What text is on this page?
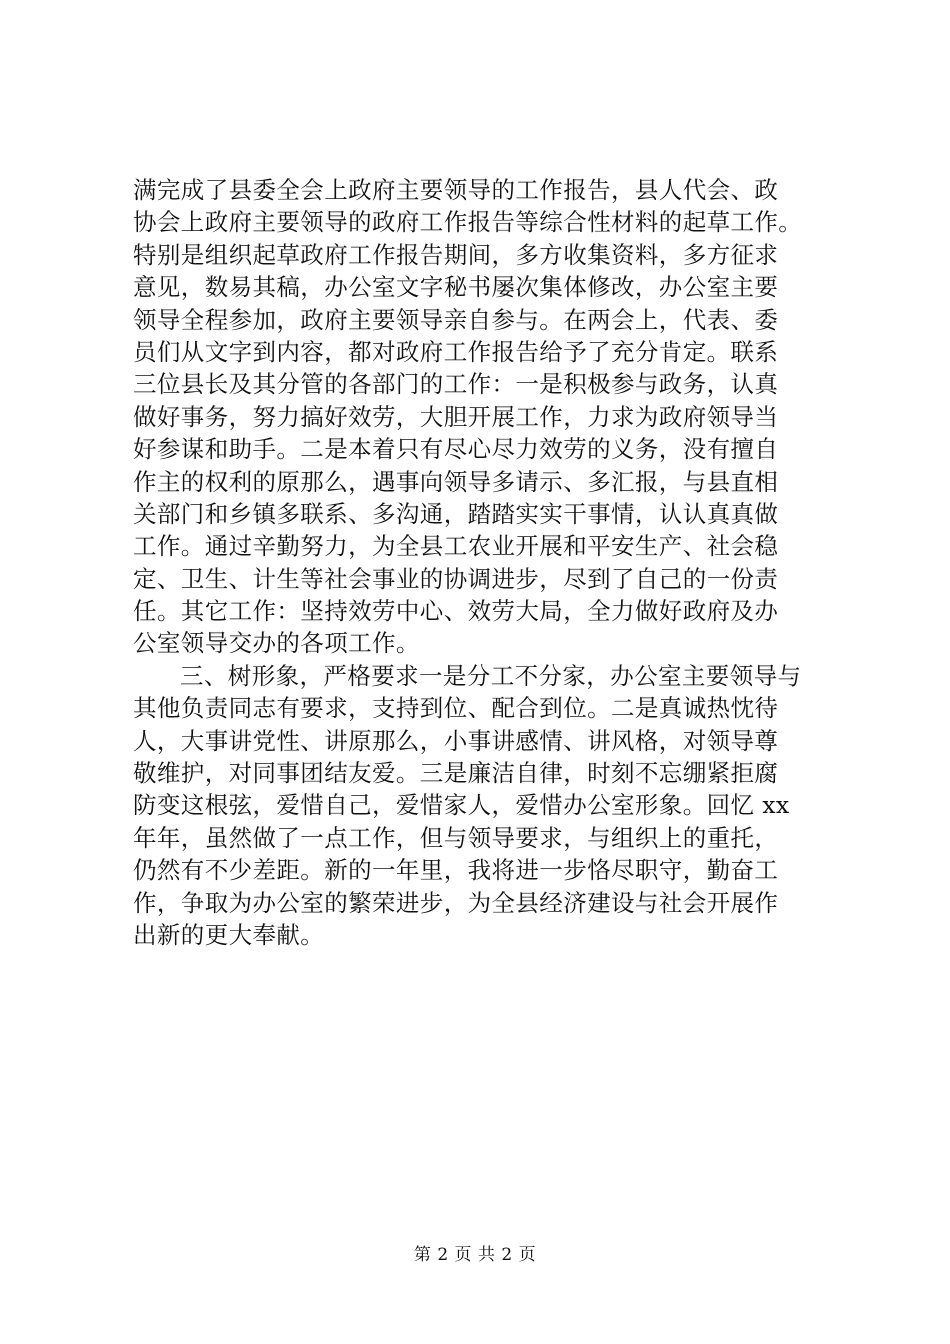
满完成了县委全会上政府主要领导的工作报告，县人代会、政
协会上政府主要领导的政府工作报告等综合性材料的起草工作。
特别是组织起草政府工作报告期间，多方收集资料，多方征求
意见，数易其稿，办公室文字秘书屡次集体修改，办公室主要
领导全程参加，政府主要领导亲自参与。在两会上，代表、委
员们从文字到内容，都对政府工作报告给予了充分肯定。联系
三位县长及其分管的各部门的工作：一是积极参与政务，认真
做好事务，努力搞好效劳，大胆开展工作，力求为政府领导当
好参谋和助手。二是本着只有尽心尽力效劳的义务，没有擅自
作主的权利的原那么，遇事向领导多请示、多汇报，与县直相
关部门和乡镇多联系、多沟通，踏踏实实干事情，认认真真做
工作。通过辛勤努力，为全县工农业开展和平安生产、社会稳
定、卫生、计生等社会事业的协调进步，尽到了自己的一份责
任。其它工作：坚持效劳中心、效劳大局，全力做好政府及办
公室领导交办的各项工作。
三、树形象，严格要求一是分工不分家，办公室主要领导与
其他负责同志有要求，支持到位、配合到位。二是真诚热忱待
人，大事讲党性、讲原那么，小事讲感情、讲风格，对领导尊
敬维护，对同事团结友爱。三是廉洁自律，时刻不忘绷紧拒腐
防变这根弦，爱惜自己，爱惜家人，爱惜办公室形象。回忆 xx
年年，虽然做了一点工作，但与领导要求，与组织上的重托，
仍然有不少差距。新的一年里，我将进一步恪尽职守，勤奋工
作，争取为办公室的繁荣进步，为全县经济建设与社会开展作
出新的更大奉献。
第 2 页 共 2 页
